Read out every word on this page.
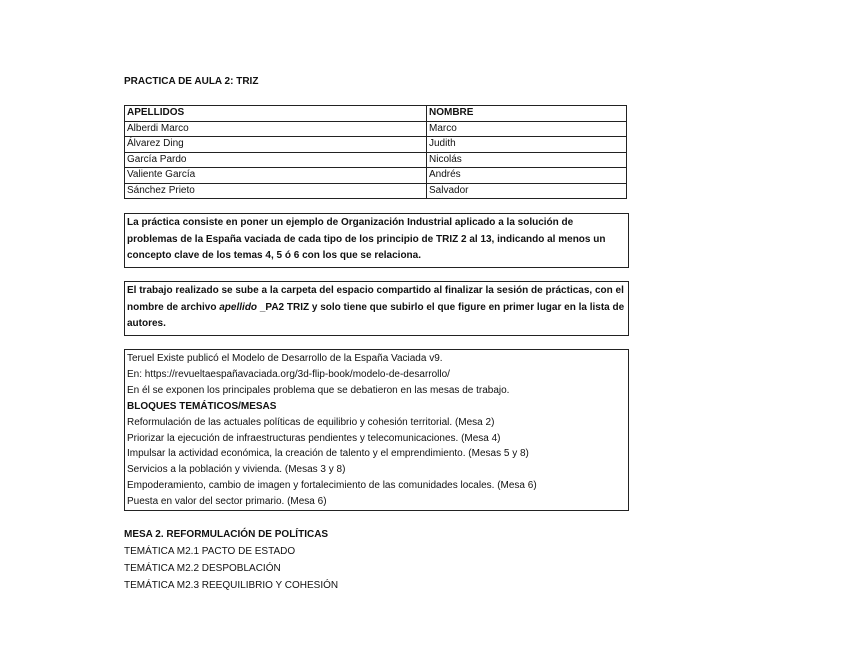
PRACTICA DE AULA 2: TRIZ
APELLIDOS	NOMBRE
Alberdi Marco	Marco
Álvarez Ding	Judith
García Pardo	Nicolás
Valiente García	Andrés
Sánchez Prieto	Salvador

La práctica consiste en poner un ejemplo de Organización Industrial aplicado a la solución de problemas de la España vaciada de cada tipo de los principio de TRIZ 2 al 13, indicando al menos un concepto clave de los temas 4, 5 ó 6 con los que se relaciona.

El trabajo realizado se sube a la carpeta del espacio compartido al finalizar la sesión de prácticas, con el nombre de archivo apellido _PA2 TRIZ y solo tiene que subirlo el que figure en primer lugar en la lista de autores.

Teruel Existe publicó el Modelo de Desarrollo de la España Vaciada v9.
En: https://revueltaespañavaciada.org/3d-flip-book/modelo-de-desarrollo/
En él se exponen los principales problema que se debatieron en las mesas de trabajo.
BLOQUES TEMÁTICOS/MESAS
Reformulación de las actuales políticas de equilibrio y cohesión territorial. (Mesa 2)
Priorizar la ejecución de infraestructuras pendientes y telecomunicaciones. (Mesa 4)
Impulsar la actividad económica, la creación de talento y el emprendimiento. (Mesas 5 y 8)
Servicios a la población y vivienda. (Mesas 3 y 8)
Empoderamiento, cambio de imagen y fortalecimiento de las comunidades locales. (Mesa 6)
Puesta en valor del sector primario. (Mesa 6)
MESA 2. REFORMULACIÓN DE POLÍTICAS
TEMÁTICA M2.1 PACTO DE ESTADO
TEMÁTICA M2.2 DESPOBLACIÓN
TEMÁTICA M2.3 REEQUILIBRIO Y COHESIÓN
